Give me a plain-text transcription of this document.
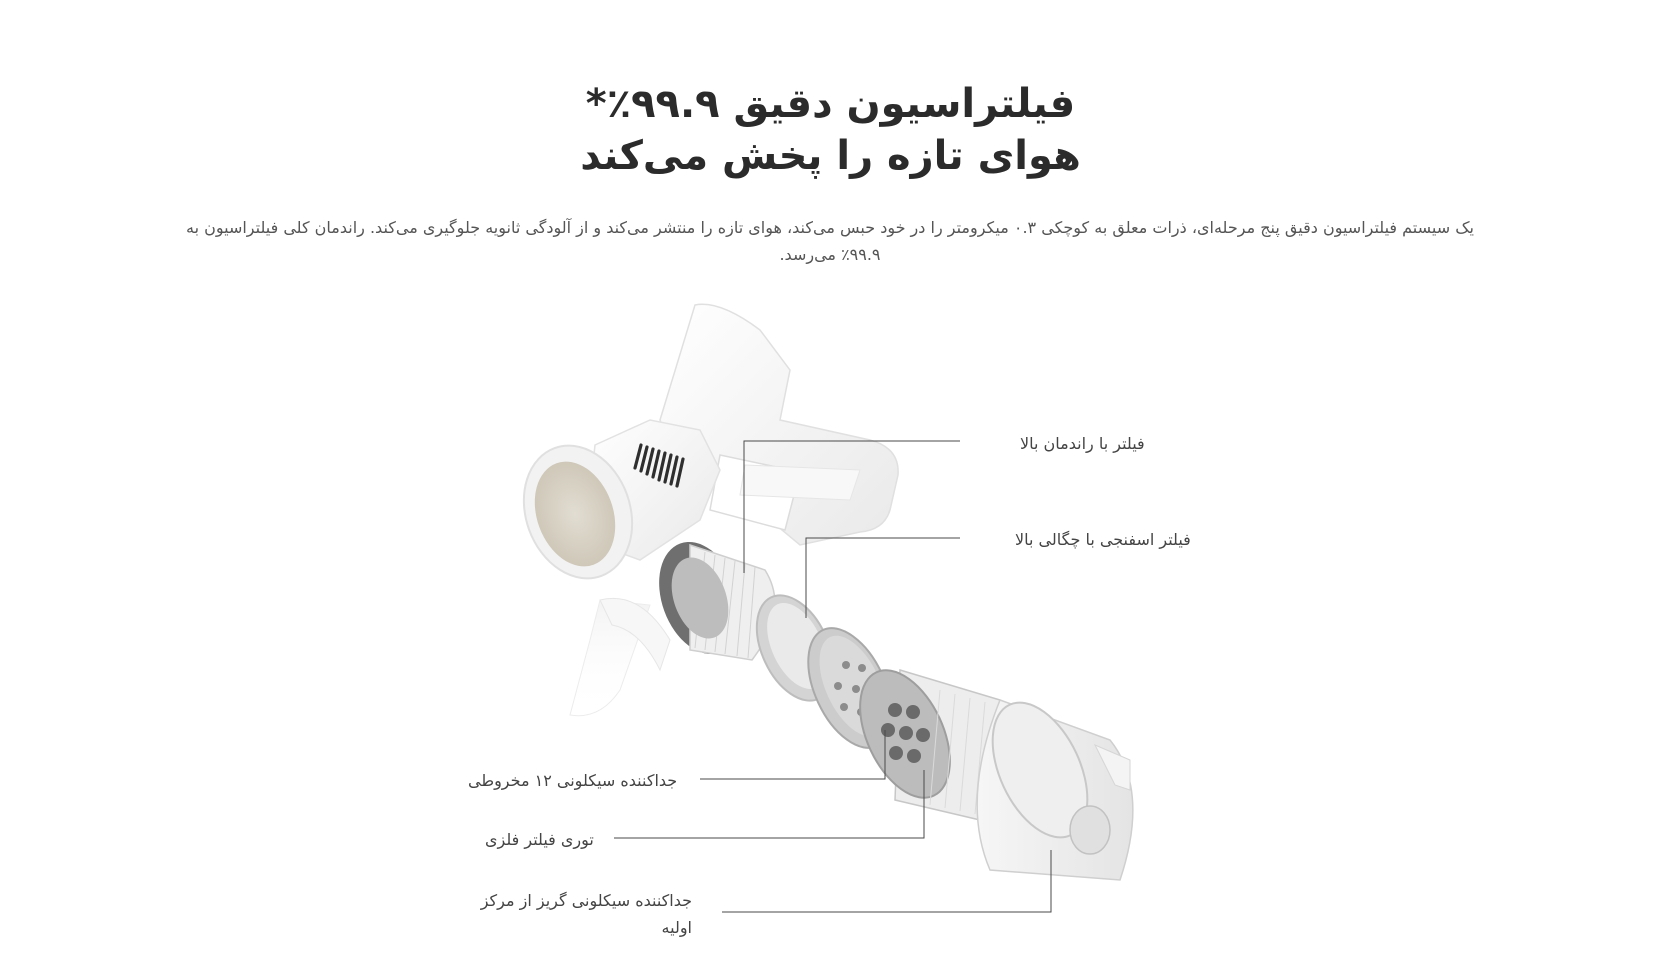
فیلتراسیون دقیق ۹۹.۹٪*
هوای تازه را پخش می‌کند

یک سیستم فیلتراسیون دقیق پنج مرحله‌ای، ذرات معلق به کوچکی ۰.۳ میکرومتر را در خود حبس می‌کند، هوای تازه را منتشر می‌کند و از آلودگی ثانویه جلوگیری می‌کند. راندمان کلی فیلتراسیون به ۹۹.۹٪ می‌رسد.

فیلتر با راندمان بالا
فیلتر اسفنجی با چگالی بالا
جداکننده سیکلونی ۱۲ مخروطی
توری فیلتر فلزی
جداکننده سیکلونی گریز از مرکز اولیه
